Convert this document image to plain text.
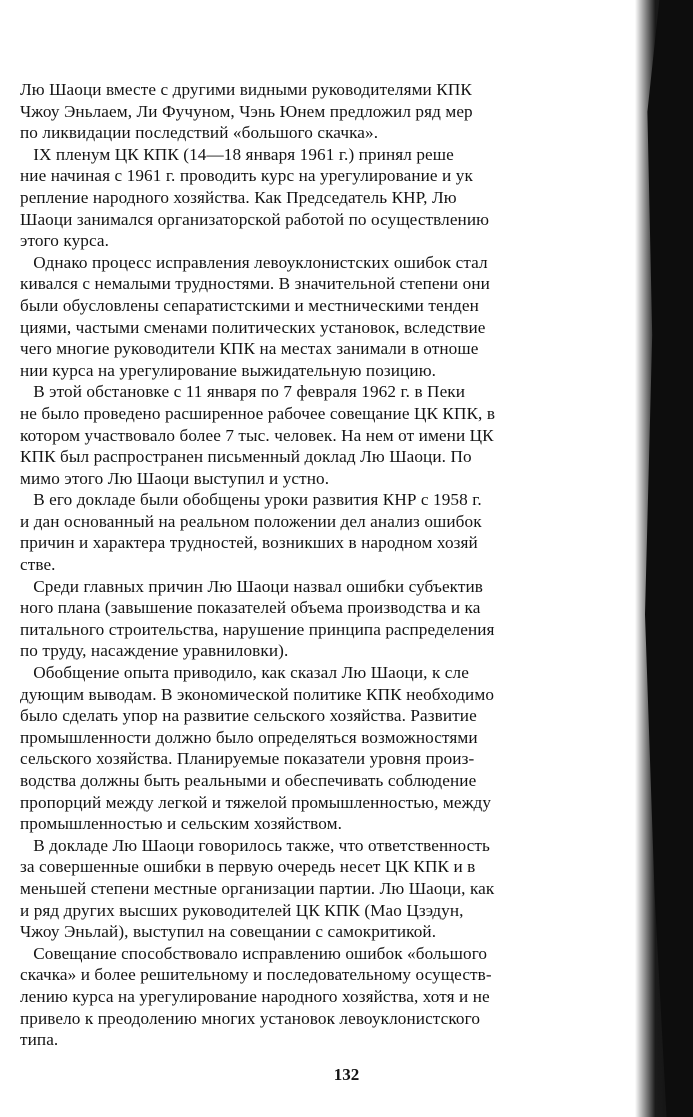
Лю Шаоци вместе с другими видными руководителями КПК
Чжоу Эньлаем, Ли Фучуном, Чэнь Юнем предложил ряд мер
по ликвидации последствий «большого скачка».
IX пленум ЦК КПК (14—18 января 1961 г.) принял реше
ние начиная с 1961 г. проводить курс на урегулирование и ук
репление народного хозяйства. Как Председатель КНР, Лю
Шаоци занимался организаторской работой по осуществлению
этого курса.
Однако процесс исправления левоуклонистских ошибок стал
кивался с немалыми трудностями. В значительной степени они
были обусловлены сепаратистскими и местническими тенден
циями, частыми сменами политических установок, вследствие
чего многие руководители КПК на местах занимали в отноше
нии курса на урегулирование выжидательную позицию.
В этой обстановке с 11 января по 7 февраля 1962 г. в Пеки
не было проведено расширенное рабочее совещание ЦК КПК, в
котором участвовало более 7 тыс. человек. На нем от имени ЦК
КПК был распространен письменный доклад Лю Шаоци. По
мимо этого Лю Шаоци выступил и устно.
В его докладе были обобщены уроки развития КНР с 1958 г.
и дан основанный на реальном положении дел анализ ошибок
причин и характера трудностей, возникших в народном хозяй
стве.
Среди главных причин Лю Шаоци назвал ошибки субъектив
ного плана (завышение показателей объема производства и ка
питального строительства, нарушение принципа распределения
по труду, насаждение уравниловки).
Обобщение опыта приводило, как сказал Лю Шаоци, к сле
дующим выводам. В экономической политике КПК необходимо
было сделать упор на развитие сельского хозяйства. Развитие
промышленности должно было определяться возможностями
сельского хозяйства. Планируемые показатели уровня произ-
водства должны быть реальными и обеспечивать соблюдение
пропорций между легкой и тяжелой промышленностью, между
промышленностью и сельским хозяйством.
В докладе Лю Шаоци говорилось также, что ответственность
за совершенные ошибки в первую очередь несет ЦК КПК и в
меньшей степени местные организации партии. Лю Шаоци, как
и ряд других высших руководителей ЦК КПК (Мао Цзэдун,
Чжоу Эньлай), выступил на совещании с самокритикой.
Совещание способствовало исправлению ошибок «большого
скачка» и более решительному и последовательному осуществ-
лению курса на урегулирование народного хозяйства, хотя и не
привело к преодолению многих установок левоуклонистского
типа.
132
